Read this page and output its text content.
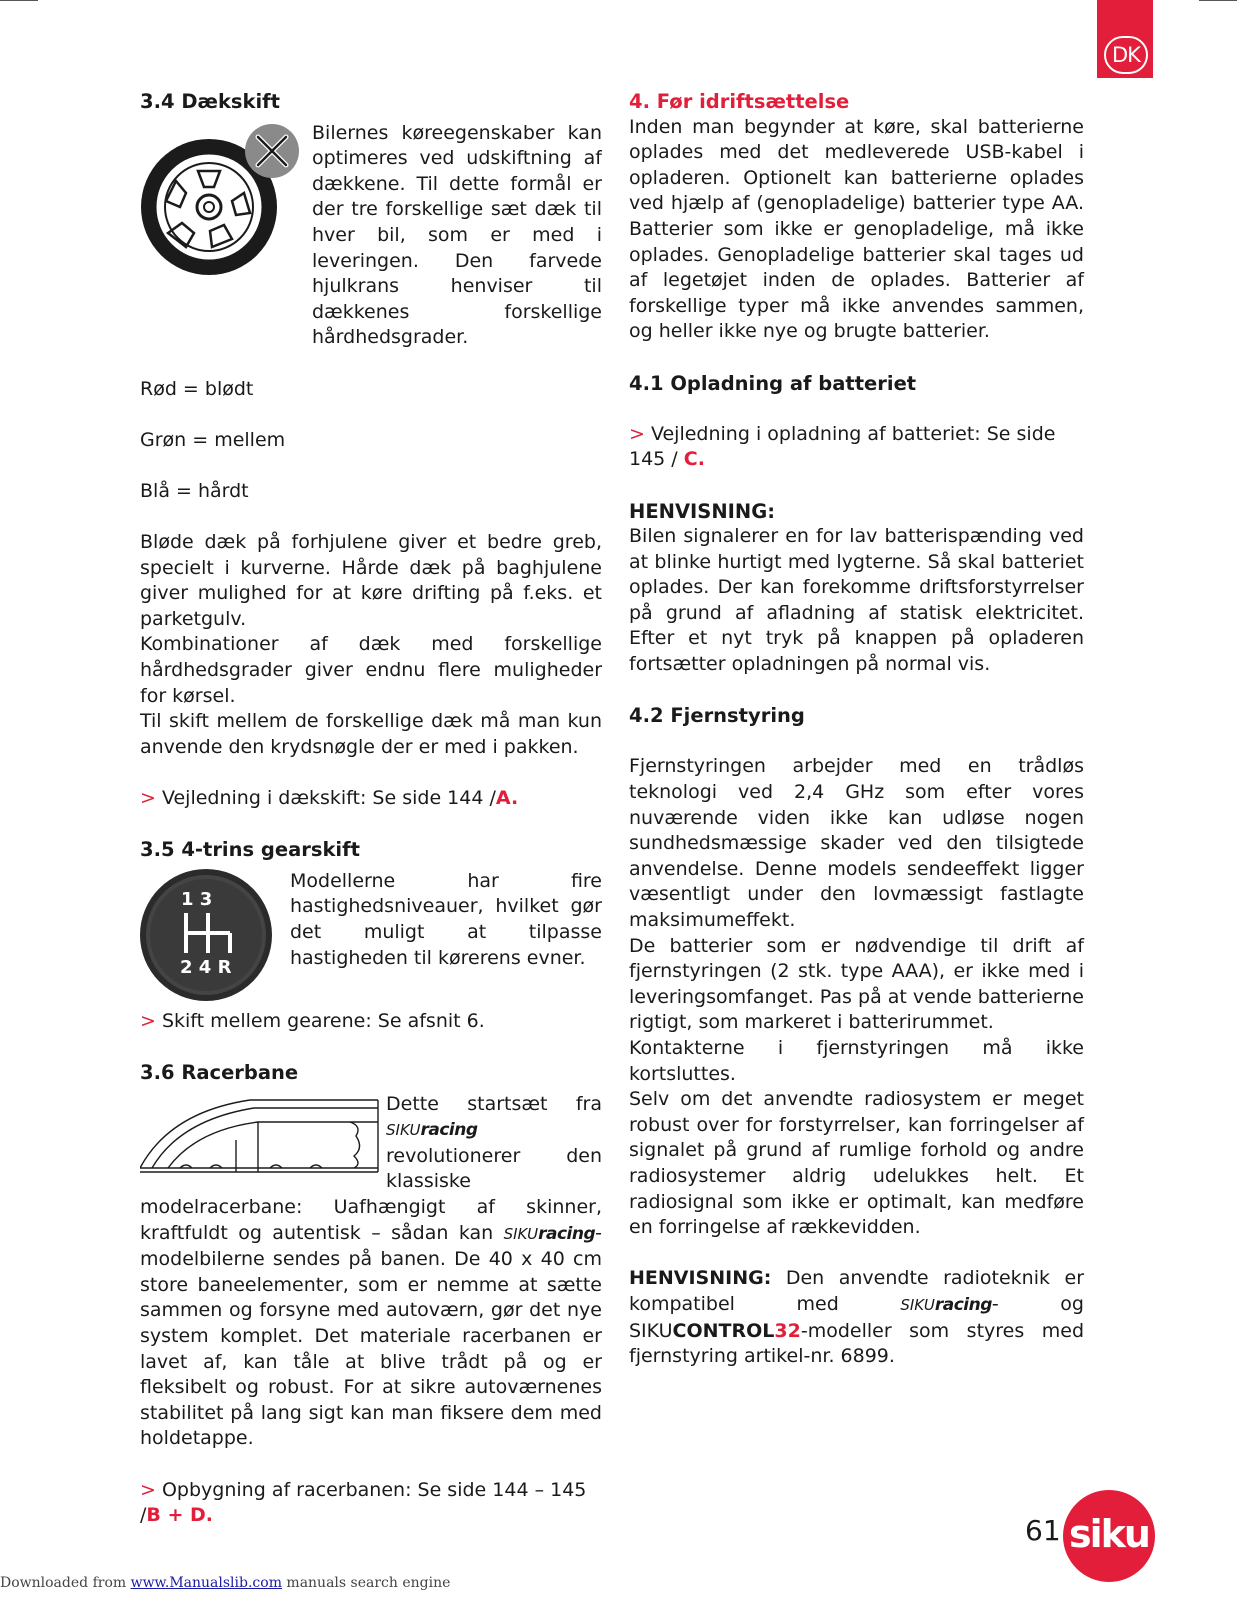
DK
3.4 Dækskift

Bilernes køreegenskaber kan optimeres ved udskiftning af dækkene. Til dette formål er der tre forskellige sæt dæk til hver bil, som er med i leveringen. Den farvede hjulkrans henviser til dækkenes forskellige hårdhedsgrader.

Rød = blødt

Grøn = mellem

Blå = hårdt

Bløde dæk på forhjulene giver et bedre greb, specielt i kurverne. Hårde dæk på baghjulene giver mulighed for at køre drifting på f.eks. et parketgulv.

Kombinationer af dæk med forskellige hårdhedsgrader giver endnu flere muligheder for kørsel.

Til skift mellem de forskellige dæk må man kun anvende den krydsnøgle der er med i pakken.

> Vejledning i dækskift: Se side 144 /A.

3.5 4-trins gearskift
1 3
2 4 R

Modellerne har fire hastighedsniveauer, hvilket gør det muligt at tilpasse hastigheden til kørerens evner.

> Skift mellem gearene: Se afsnit 6.

3.6 Racerbane

Dette startsæt fra SIKUracing revolutionerer den klassiske modelracerbane: Uafhængigt af skinner, kraftfuldt og autentisk – sådan kan SIKUracing-modelbilerne sendes på banen. De 40 x 40 cm store baneelementer, som er nemme at sætte sammen og forsyne med autoværn, gør det nye system komplet. Det materiale racerbanen er lavet af, kan tåle at blive trådt på og er fleksibelt og robust. For at sikre autoværnenes stabilitet på lang sigt kan man fiksere dem med holdetappe.

> Opbygning af racerbanen: Se side 144 – 145 /B + D.

4. Før idriftsættelse

Inden man begynder at køre, skal batterierne oplades med det medleverede USB-kabel i opladeren. Optionelt kan batterierne oplades ved hjælp af (genopladelige) batterier type AA. Batterier som ikke er genopladelige, må ikke oplades. Genopladelige batterier skal tages ud af legetøjet inden de oplades. Batterier af forskellige typer må ikke anvendes sammen, og heller ikke nye og brugte batterier.

4.1 Opladning af batteriet

> Vejledning i opladning af batteriet: Se side 145 / C.

HENVISNING:

Bilen signalerer en for lav batterispænding ved at blinke hurtigt med lygterne. Så skal batteriet oplades. Der kan forekomme driftsforstyrrelser på grund af afladning af statisk elektricitet. Efter et nyt tryk på knappen på opladeren fortsætter opladningen på normal vis.

4.2 Fjernstyring

Fjernstyringen arbejder med en trådløs teknologi ved 2,4 GHz som efter vores nuværende viden ikke kan udløse nogen sundhedsmæssige skader ved den tilsigtede anvendelse. Denne models sendeeffekt ligger væsentligt under den lovmæssigt fastlagte maksimumeffekt.

De batterier som er nødvendige til drift af fjernstyringen (2 stk. type AAA), er ikke med i leveringsomfanget. Pas på at vende batterierne rigtigt, som markeret i batterirummet.

Kontakterne i fjernstyringen må ikke kortsluttes.

Selv om det anvendte radiosystem er meget robust over for forstyrrelser, kan forringelser af signalet på grund af rumlige forhold og andre radiosystemer aldrig udelukkes helt. Et radiosignal som ikke er optimalt, kan medføre en forringelse af rækkevidden.

HENVISNING: Den anvendte radioteknik er kompatibel med	SIKUracing- og SIKUCONTROL32-modeller som styres med fjernstyring artikel-nr. 6899.

61 siku
Downloaded from www.Manualslib.com manuals search engine
